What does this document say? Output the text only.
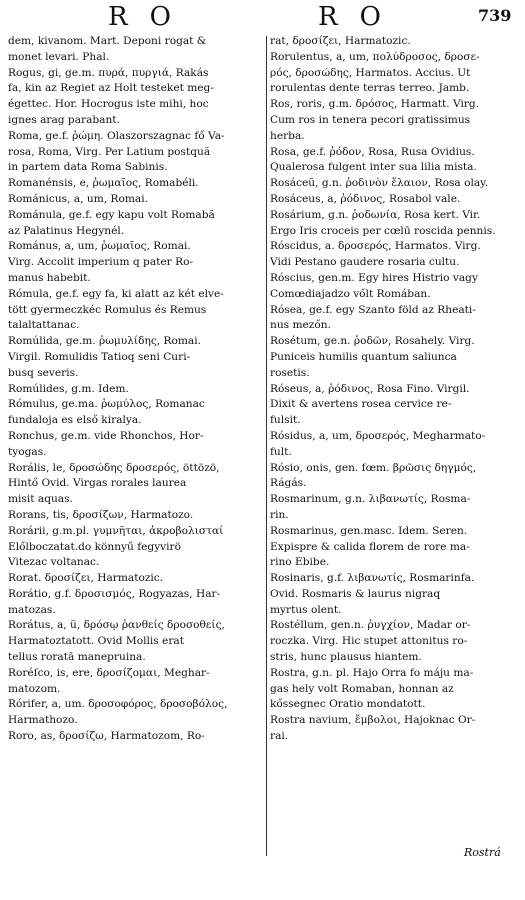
RO	RO	739
dem, kivanom. Mart. Deponi rogat &
monet levari. Phal.
Rogus, gi, ge.m. πυρά, πυργιά, Rakás
fa, kin az Regiet az Holt testeket meg-
égettec. Hor. Hocrogus iste mihi, hoc
ignes arag parabant.
Roma, ge.f. ῥώμη. Olaszorszagnac fő Va-
rosa, Roma, Virg. Per Latium postquă
in partem data Roma Sabinis.
Romanénsis, e, ῥωμαῖος, Romabéli.
Románicus, a, um, Romai.
Románula, ge.f. egy kapu volt Romabă
az Palatinus Hegynél.
Románus, a, um, ῥωμαῖος, Romai.
Virg. Accolit imperium q pater Ro-
manus habebit.
Rómula, ge.f. egy fa, ki alatt az két elve-
tött gyermeczkéc Romulus és Remus
talaltattanac.
Romúlida, ge.m. ῥωμυλίδης, Romai.
Virgil. Romulidis Tatioq seni Curi-
busq severis.
Romúlides, g.m. Idem.
Rómulus, ge.ma. ῥωμύλος, Romanac
fundaloja es első kiralya.
Ronchus, ge.m. vide Rhonchos, Hor-
tyogas.
Rorális, le, δροσώδης δροσερός, öttözö,
Hintő Ovid. Virgas rorales laurea
misit aquas.
Rorans, tis, δροσίζων, Harmatozo.
Rorárii, g.m.pl. γυμνῆται, ἀκροβολισταί
Előlboczatat.do könnyű fegyvirö
Vitezac voltanac.
Rorat. δροσίζει, Harmatozic.
Rorátio, g.f. δροσισμός, Rogyazas, Har-
matozas.
Rorátus, a, ũ, δρόσῳ ῥανθείς δροσοθείς,
Harmatoztatott. Ovid Mollis erat
tellus roratā manepruina.
Roréſco, is, ere, δροσίζομαι, Meghar-
matozom.
Rórifer, a, um. δροσοφόρος, δροσοβόλος,
Harmathozo.
Roro, as, δροσίζω, Harmatozom, Ro-
rat, δροσίζει, Harmatozic.
Rorulentus, a, um, πολύδροσος, δροσε-
ρός, δροσώδης, Harmatos. Accius. Ut
rorulentas dente terras terreo. Jamb.
Ros, roris, g.m. δρόσος, Harmatt. Virg.
Cum ros in tenera pecori gratissimus
herba.
Rosa, ge.f. ῥόδον, Rosa, Rusa Ovidius.
Qualerosa fulgent inter sua lilia mista.
Rosáceũ, g.n. ῥοδινὸν ἔλαιον, Rosa olay.
Rosáceus, a, ῥόδινος, Rosabol vale.
Rosárium, g.n. ῥοδωνία, Rosa kert. Vir.
Ergo Iris croceis per cœlū roscida pennis.
Róscidus, a. δροσερός, Harmatos. Virg.
Vidi Pestano gaudere rosaria cultu.
Róscius, gen.m. Egy hires Histrio vagy
Comœdiajadzo vőlt Romában.
Rósea, ge.f. egy Szanto föld az Rheati-
nus mezőn.
Rosétum, ge.n. ῥοδῶν, Rosahely. Virg.
Puniceis humilis quantum saliunca
rosetis.
Róseus, a, ῥόδινος, Rosa Fino. Virgil.
Dixit & avertens rosea cervice re-
fulsit.
Rósidus, a, um, δροσερός, Megharmato-
fult.
Rósio, onis, gen. fœm. βρῶσις δηγμός,
Rágás.
Rosmarinum, g.n. λιβανωτίς, Rosma-
rin.
Rosmarinus, gen.masc. Idem. Seren.
Expispre & calida florem de rore ma-
rino Ebibe.
Rosinaris, g.f. λιβανωτίς, Rosmarinfa.
Ovid. Rosmaris & laurus nigraq
myrtus olent.
Rostéllum, gen.n. ῥυγχίον, Madar or-
roczka. Virg. Hic stupet attonitus ro-
stris, hunc plausus hiantem.
Rostra, g.n. pl. Hajo Orra fo máju ma-
gas hely volt Romaban, honnan az
kőssegnec Oratio mondatott.
Rostra navium, ἔμβολοι, Hajoknac Or-
rai.
Rostrá
